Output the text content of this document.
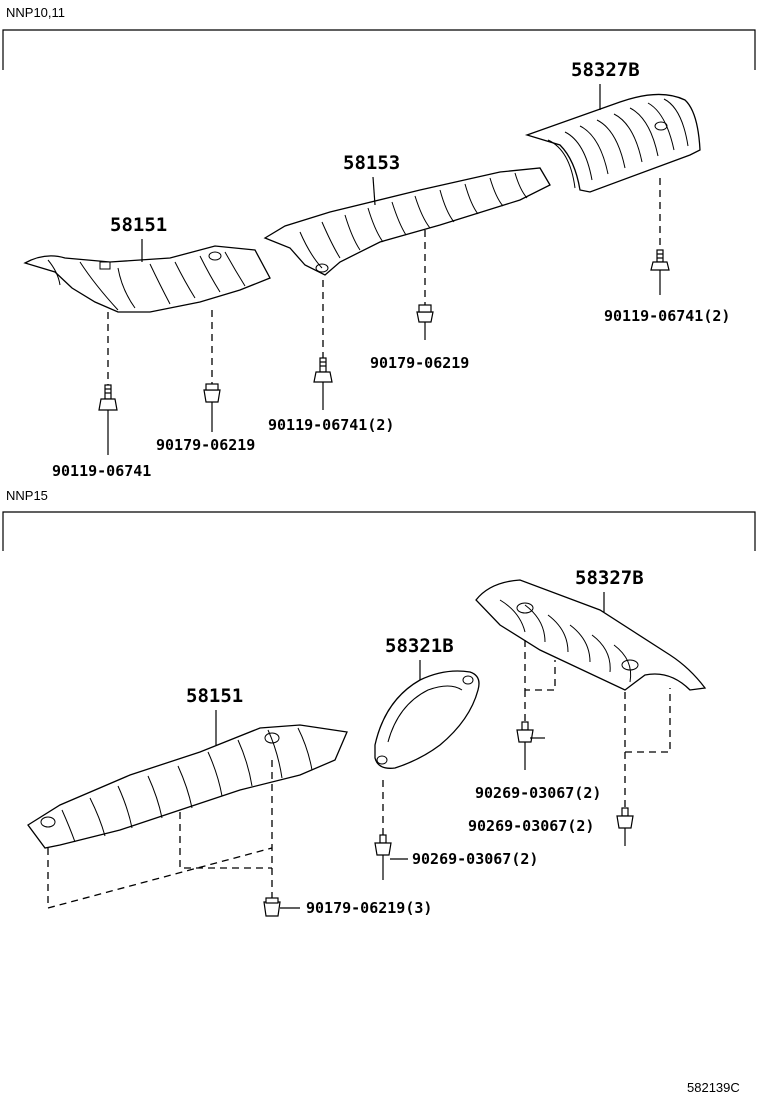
NNP10,11
58327B
58153
58151
90119-06741(2)
90179-06219
90119-06741(2)
90179-06219
90119-06741
NNP15
58327B
58321B
58151
90269-03067(2)
90269-03067(2)
90269-03067(2)
90179-06219(3)
582139C
